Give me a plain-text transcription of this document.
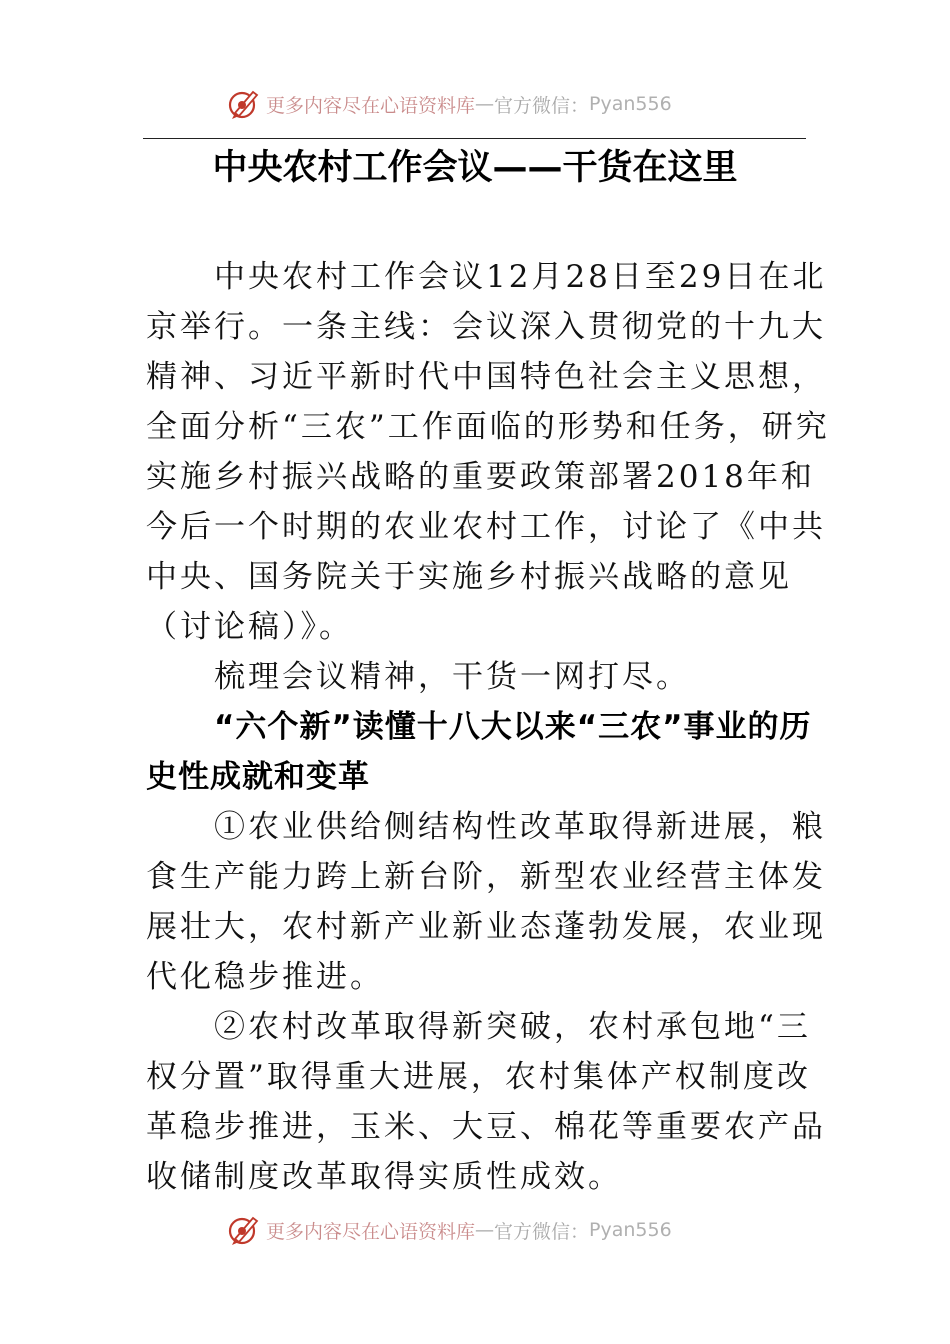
更多内容尽在心语资料库 — 官方微信： Pyan556
中央农村工作会议——干货在这里

中央农村工作会议12月28日至29日在北京举行。一条主线：会议深入贯彻党的十九大精神、习近平新时代中国特色社会主义思想，全面分析“三农”工作面临的形势和任务，研究实施乡村振兴战略的重要政策部署2018年和今后一个时期的农业农村工作，讨论了《中共中央、国务院关于实施乡村振兴战略的意见（讨论稿）》。

梳理会议精神，干货一网打尽。

“六个新”读懂十八大以来“三农”事业的历史性成就和变革

①农业供给侧结构性改革取得新进展，粮食生产能力跨上新台阶，新型农业经营主体发展壮大，农村新产业新业态蓬勃发展，农业现代化稳步推进。

②农村改革取得新突破，农村承包地“三权分置”取得重大进展，农村集体产权制度改革稳步推进，玉米、大豆、棉花等重要农产品收储制度改革取得实质性成效。

更多内容尽在心语资料库 — 官方微信： Pyan556
